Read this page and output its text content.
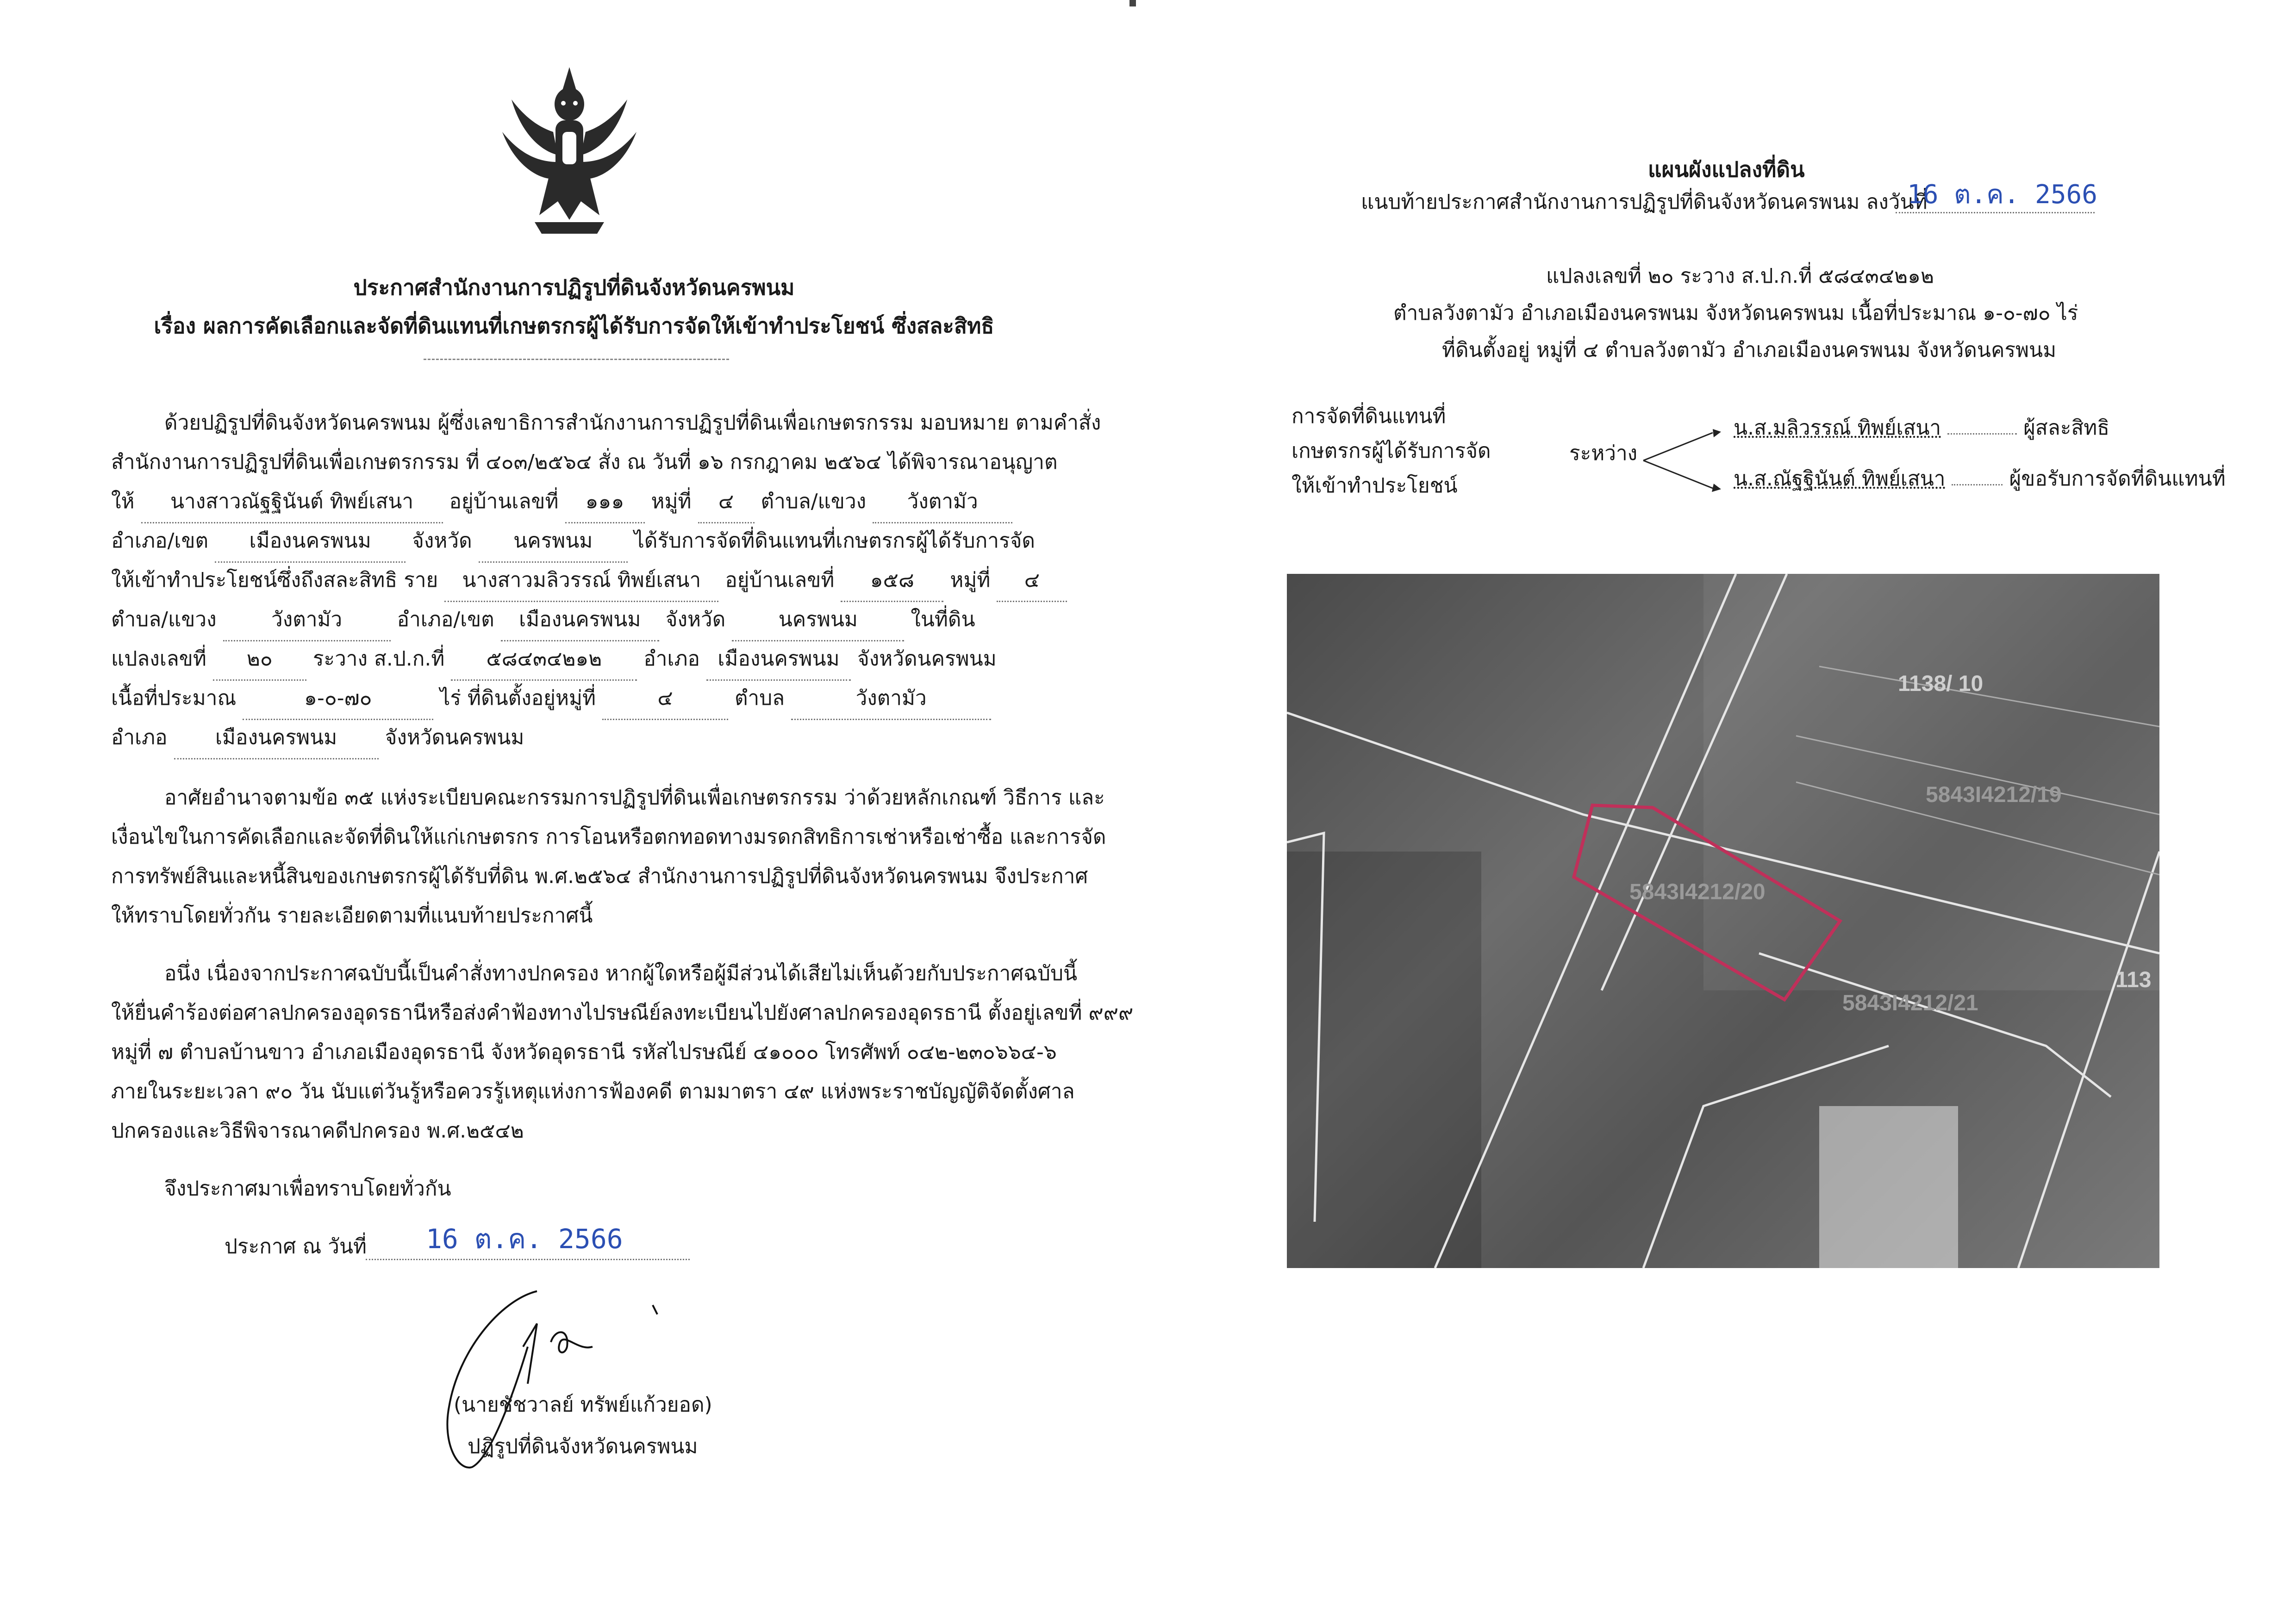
ประกาศสำนักงานการปฏิรูปที่ดินจังหวัดนครพนม
เรื่อง ผลการคัดเลือกและจัดที่ดินแทนที่เกษตรกรผู้ได้รับการจัดให้เข้าทำประโยชน์ ซึ่งสละสิทธิ
ด้วยปฏิรูปที่ดินจังหวัดนครพนม ผู้ซึ่งเลขาธิการสำนักงานการปฏิรูปที่ดินเพื่อเกษตรกรรม มอบหมาย ตามคำสั่ง
สำนักงานการปฏิรูปที่ดินเพื่อเกษตรกรรม ที่ ๔๐๓/๒๕๖๔ สั่ง ณ วันที่ ๑๖ กรกฎาคม ๒๕๖๔ ได้พิจารณาอนุญาต
ให้ นางสาวณัฐฐินันต์ ทิพย์เสนา อยู่บ้านเลขที่ ๑๑๑ หมู่ที่ ๔ ตำบล/แขวง วังตามัว
อำเภอ/เขต เมืองนครพนม จังหวัด นครพนม ได้รับการจัดที่ดินแทนที่เกษตรกรผู้ได้รับการจัด
ให้เข้าทำประโยชน์ซึ่งถึงสละสิทธิ ราย นางสาวมลิวรรณ์ ทิพย์เสนา อยู่บ้านเลขที่ ๑๕๘ หมู่ที่ ๔
ตำบล/แขวง	วังตามัว	อำเภอ/เขต เมืองนครพนม จังหวัด	นครพนม	ในที่ดิน
แปลงเลขที่ ๒๐ ระวาง ส.ป.ก.ที่ ๕๘๔๓๔๒๑๒ อำเภอ เมืองนครพนม จังหวัดนครพนม
เนื้อที่ประมาณ	๑-๐-๗๐	ไร่ ที่ดินตั้งอยู่หมู่ที่	๔	ตำบล	วังตามัว
อำเภอ เมืองนครพนม จังหวัดนครพนม
อาศัยอำนาจตามข้อ ๓๕ แห่งระเบียบคณะกรรมการปฏิรูปที่ดินเพื่อเกษตรกรรม ว่าด้วยหลักเกณฑ์ วิธีการ และ
เงื่อนไขในการคัดเลือกและจัดที่ดินให้แก่เกษตรกร การโอนหรือตกทอดทางมรดกสิทธิการเช่าหรือเช่าซื้อ และการจัด
การทรัพย์สินและหนี้สินของเกษตรกรผู้ได้รับที่ดิน พ.ศ.๒๕๖๔ สำนักงานการปฏิรูปที่ดินจังหวัดนครพนม จึงประกาศ
ให้ทราบโดยทั่วกัน รายละเอียดตามที่แนบท้ายประกาศนี้
อนึ่ง เนื่องจากประกาศฉบับนี้เป็นคำสั่งทางปกครอง หากผู้ใดหรือผู้มีส่วนได้เสียไม่เห็นด้วยกับประกาศฉบับนี้
ให้ยื่นคำร้องต่อศาลปกครองอุดรธานีหรือส่งคำฟ้องทางไปรษณีย์ลงทะเบียนไปยังศาลปกครองอุดรธานี ตั้งอยู่เลขที่ ๙๙๙
หมู่ที่ ๗ ตำบลบ้านขาว อำเภอเมืองอุดรธานี จังหวัดอุดรธานี รหัสไปรษณีย์ ๔๑๐๐๐ โทรศัพท์ ๐๔๒-๒๓๐๖๖๔-๖
ภายในระยะเวลา ๙๐ วัน นับแต่วันรู้หรือควรรู้เหตุแห่งการฟ้องคดี ตามมาตรา ๔๙ แห่งพระราชบัญญัติจัดตั้งศาล
ปกครองและวิธีพิจารณาคดีปกครอง พ.ศ.๒๕๔๒
จึงประกาศมาเพื่อทราบโดยทั่วกัน
ประกาศ ณ วันที่ 16 ต.ค. 2566
(นายชัชวาลย์ ทรัพย์แก้วยอด)
ปฏิรูปที่ดินจังหวัดนครพนม
แผนผังแปลงที่ดิน
แนบท้ายประกาศสำนักงานการปฏิรูปที่ดินจังหวัดนครพนม ลงวันที่
16 ต.ค. 2566
แปลงเลขที่ ๒๐ ระวาง ส.ป.ก.ที่ ๕๘๔๓๔๒๑๒
ตำบลวังตามัว อำเภอเมืองนครพนม จังหวัดนครพนม เนื้อที่ประมาณ ๑-๐-๗๐ ไร่
ที่ดินตั้งอยู่ หมู่ที่ ๔ ตำบลวังตามัว อำเภอเมืองนครพนม จังหวัดนครพนม
การจัดที่ดินแทนที่
เกษตรกรผู้ได้รับการจัด
ให้เข้าทำประโยชน์
ระหว่าง
น.ส.มลิวรรณ์ ทิพย์เสนา	ผู้สละสิทธิ
น.ส.ณัฐฐินันต์ ทิพย์เสนา	ผู้ขอรับการจัดที่ดินแทนที่
1138/ 10
5843I4212/19
5843I4212/20
5843I4212/21
113
